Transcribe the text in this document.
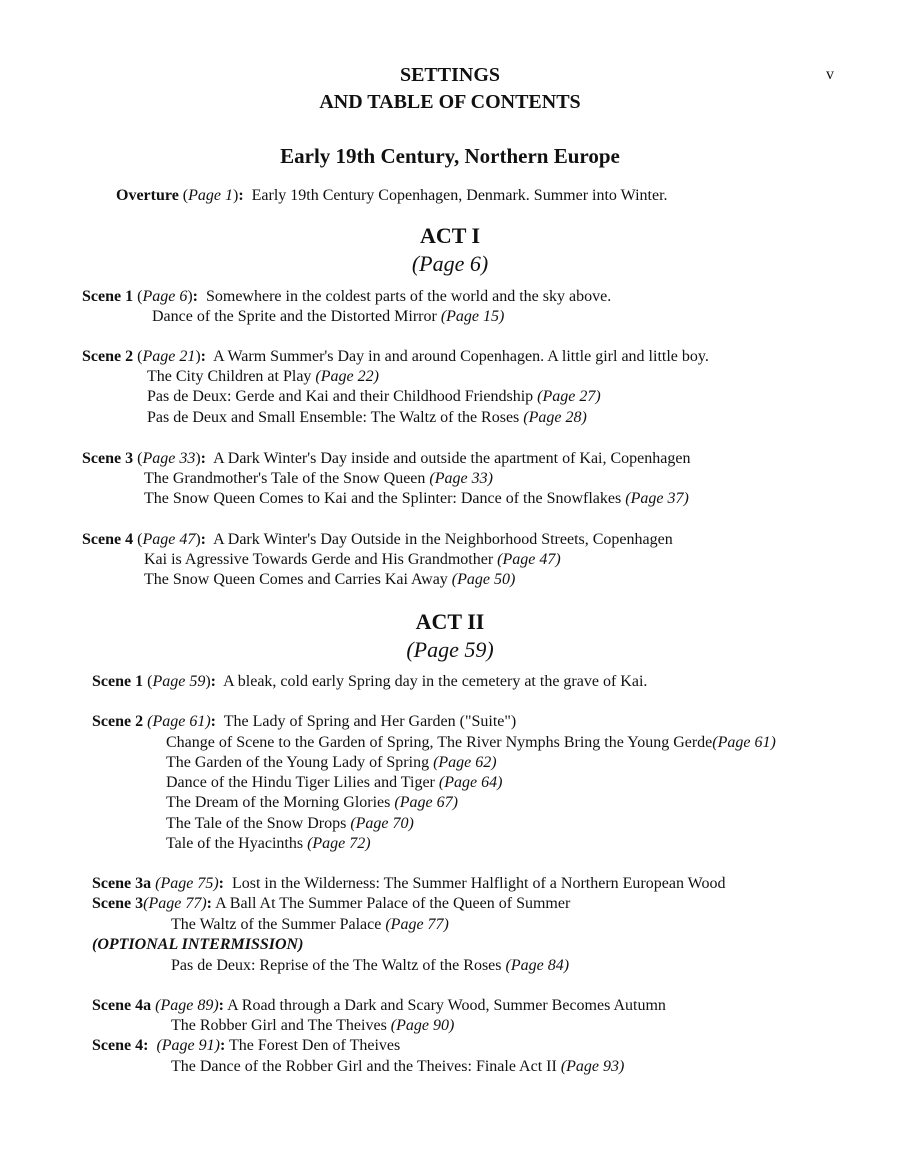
v
SETTINGS
AND TABLE OF CONTENTS
Early 19th Century, Northern Europe
Overture (Page 1): Early 19th Century Copenhagen, Denmark. Summer into Winter.
ACT I
(Page 6)
Scene 1 (Page 6): Somewhere in the coldest parts of the world and the sky above.
Dance of the Sprite and the Distorted Mirror (Page 15)
Scene 2 (Page 21): A Warm Summer's Day in and around Copenhagen. A little girl and little boy.
The City Children at Play (Page 22)
Pas de Deux: Gerde and Kai and their Childhood Friendship (Page 27)
Pas de Deux and Small Ensemble: The Waltz of the Roses (Page 28)
Scene 3 (Page 33): A Dark Winter's Day inside and outside the apartment of Kai, Copenhagen
The Grandmother's Tale of the Snow Queen (Page 33)
The Snow Queen Comes to Kai and the Splinter: Dance of the Snowflakes (Page 37)
Scene 4 (Page 47): A Dark Winter's Day Outside in the Neighborhood Streets, Copenhagen
Kai is Agressive Towards Gerde and His Grandmother (Page 47)
The Snow Queen Comes and Carries Kai Away (Page 50)
ACT II
(Page 59)
Scene 1 (Page 59): A bleak, cold early Spring day in the cemetery at the grave of Kai.
Scene 2 (Page 61): The Lady of Spring and Her Garden ("Suite")
Change of Scene to the Garden of Spring, The River Nymphs Bring the Young Gerde(Page 61)
The Garden of the Young Lady of Spring (Page 62)
Dance of the Hindu Tiger Lilies and Tiger (Page 64)
The Dream of the Morning Glories (Page 67)
The Tale of the Snow Drops (Page 70)
Tale of the Hyacinths (Page 72)
Scene 3a (Page 75): Lost in the Wilderness: The Summer Halflight of a Northern European Wood
Scene 3(Page 77): A Ball At The Summer Palace of the Queen of Summer
The Waltz of the Summer Palace (Page 77)
(OPTIONAL INTERMISSION)
Pas de Deux: Reprise of the The Waltz of the Roses (Page 84)
Scene 4a (Page 89): A Road through a Dark and Scary Wood, Summer Becomes Autumn
The Robber Girl and The Theives (Page 90)
Scene 4: (Page 91): The Forest Den of Theives
The Dance of the Robber Girl and the Theives: Finale Act II (Page 93)
